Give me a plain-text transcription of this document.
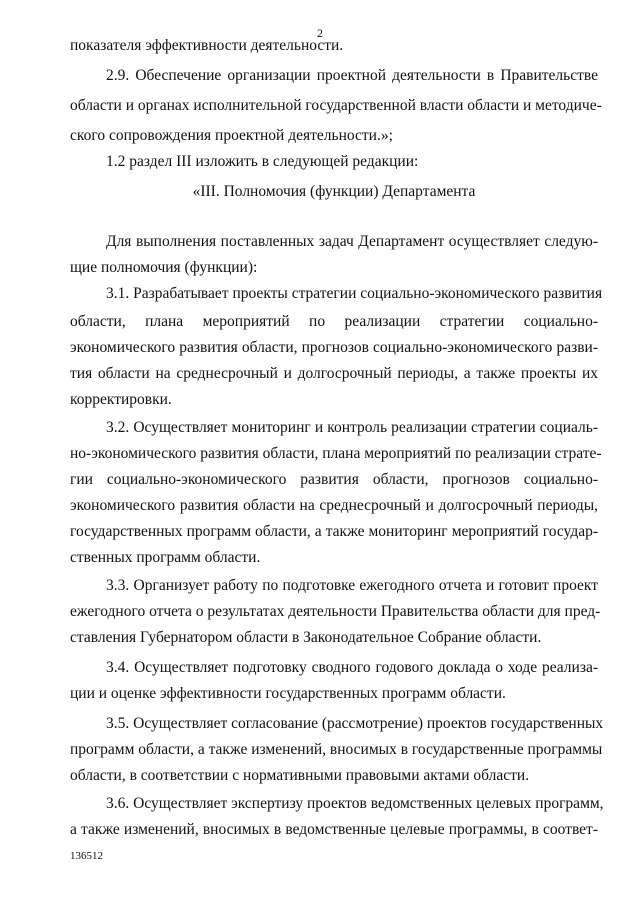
2
показателя эффективности деятельности.
2.9. Обеспечение организации проектной деятельности в Правительстве
области и органах исполнительной государственной власти области и методиче-
ского сопровождения проектной деятельности.»;
1.2 раздел III изложить в следующей редакции:
«III. Полномочия (функции) Департамента
Для выполнения поставленных задач Департамент осуществляет следую-
щие полномочия (функции):
3.1. Разрабатывает проекты стратегии социально-экономического развития
области, плана мероприятий по реализации стратегии социально-
экономического развития области, прогнозов социально-экономического разви-
тия области на среднесрочный и долгосрочный периоды, а также проекты их
корректировки.
3.2. Осуществляет мониторинг и контроль реализации стратегии социаль-
но-экономического развития области, плана мероприятий по реализации страте-
гии социально-экономического развития области, прогнозов социально-
экономического развития области на среднесрочный и долгосрочный периоды,
государственных программ области, а также мониторинг мероприятий государ-
ственных программ области.
3.3. Организует работу по подготовке ежегодного отчета и готовит проект
ежегодного отчета о результатах деятельности Правительства области для пред-
ставления Губернатором области в Законодательное Собрание области.
3.4. Осуществляет подготовку сводного годового доклада о ходе реализа-
ции и оценке эффективности государственных программ области.
3.5. Осуществляет согласование (рассмотрение) проектов государственных
программ области, а также изменений, вносимых в государственные программы
области, в соответствии с нормативными правовыми актами области.
3.6. Осуществляет экспертизу проектов ведомственных целевых программ,
а также изменений, вносимых в ведомственные целевые программы, в соответ-
136512
